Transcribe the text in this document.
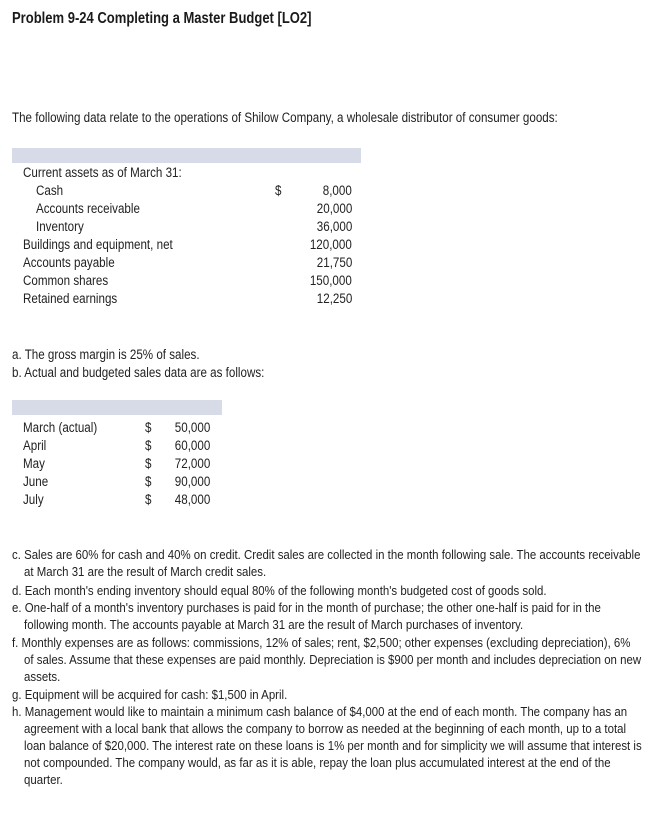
Problem 9-24 Completing a Master Budget [LO2]
The following data relate to the operations of Shilow Company, a wholesale distributor of consumer goods:
Current assets as of March 31:
Cash	$	8,000
Accounts receivable	20,000
Inventory	36,000
Buildings and equipment, net	120,000
Accounts payable	21,750
Common shares	150,000
Retained earnings	12,250
a. The gross margin is 25% of sales.
b. Actual and budgeted sales data are as follows:
March (actual)	$ 50,000
April	$ 60,000
May	$ 72,000
June	$ 90,000
July	$ 48,000
c. Sales are 60% for cash and 40% on credit. Credit sales are collected in the month following sale. The accounts receivable
at March 31 are the result of March credit sales.
d. Each month's ending inventory should equal 80% of the following month's budgeted cost of goods sold.
e. One-half of a month's inventory purchases is paid for in the month of purchase; the other one-half is paid for in the
following month. The accounts payable at March 31 are the result of March purchases of inventory.
f. Monthly expenses are as follows: commissions, 12% of sales; rent, $2,500; other expenses (excluding depreciation), 6%
of sales. Assume that these expenses are paid monthly. Depreciation is $900 per month and includes depreciation on new
assets.
g. Equipment will be acquired for cash: $1,500 in April.
h. Management would like to maintain a minimum cash balance of $4,000 at the end of each month. The company has an
agreement with a local bank that allows the company to borrow as needed at the beginning of each month, up to a total
loan balance of $20,000. The interest rate on these loans is 1% per month and for simplicity we will assume that interest is
not compounded. The company would, as far as it is able, repay the loan plus accumulated interest at the end of the
quarter.
